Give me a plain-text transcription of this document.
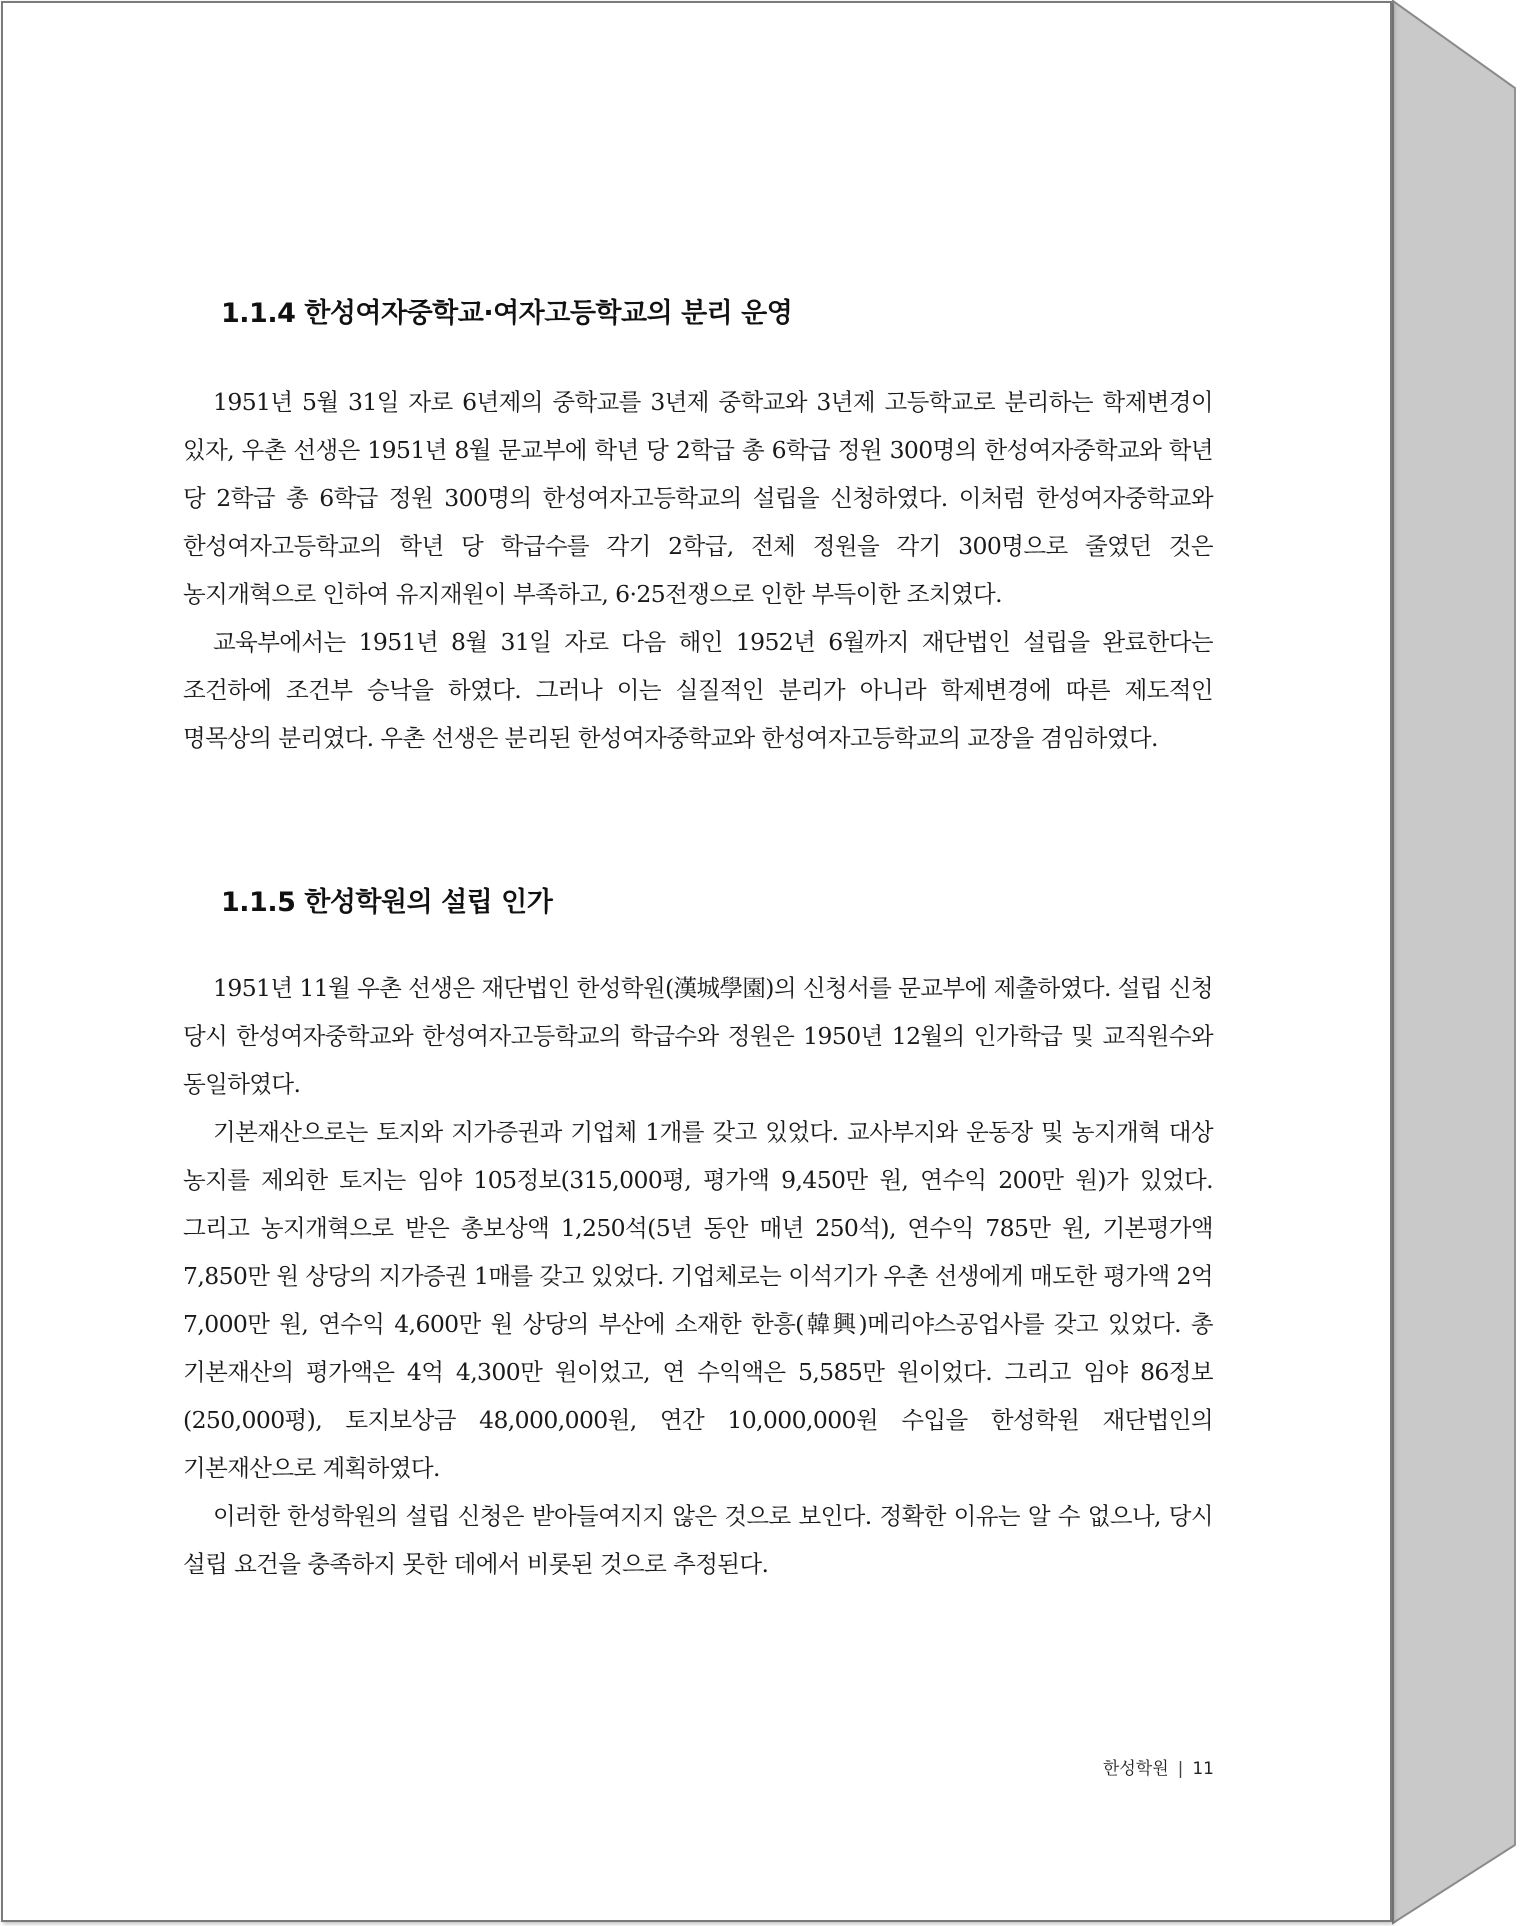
1.1.4 한성여자중학교·여자고등학교의 분리 운영

1951년 5월 31일 자로 6년제의 중학교를 3년제 중학교와 3년제 고등학교로 분리하는 학제변경이 있자, 우촌 선생은 1951년 8월 문교부에 학년 당 2학급 총 6학급 정원 300명의 한성여자중학교와 학년 당 2학급 총 6학급 정원 300명의 한성여자고등학교의 설립을 신청하였다. 이처럼 한성여자중학교와 한성여자고등학교의 학년 당 학급수를 각기 2학급, 전체 정원을 각기 300명으로 줄였던 것은 농지개혁으로 인하여 유지재원이 부족하고, 6·25전쟁으로 인한 부득이한 조치였다.

교육부에서는 1951년 8월 31일 자로 다음 해인 1952년 6월까지 재단법인 설립을 완료한다는 조건하에 조건부 승낙을 하였다. 그러나 이는 실질적인 분리가 아니라 학제변경에 따른 제도적인 명목상의 분리였다. 우촌 선생은 분리된 한성여자중학교와 한성여자고등학교의 교장을 겸임하였다.

1.1.5 한성학원의 설립 인가

1951년 11월 우촌 선생은 재단법인 한성학원(漢城學園)의 신청서를 문교부에 제출하였다. 설립 신청 당시 한성여자중학교와 한성여자고등학교의 학급수와 정원은 1950년 12월의 인가학급 및 교직원수와 동일하였다.

기본재산으로는 토지와 지가증권과 기업체 1개를 갖고 있었다. 교사부지와 운동장 및 농지개혁 대상 농지를 제외한 토지는 임야 105정보(315,000평, 평가액 9,450만 원, 연수익 200만 원)가 있었다. 그리고 농지개혁으로 받은 총보상액 1,250석(5년 동안 매년 250석), 연수익 785만 원, 기본평가액 7,850만 원 상당의 지가증권 1매를 갖고 있었다. 기업체로는 이석기가 우촌 선생에게 매도한 평가액 2억 7,000만 원, 연수익 4,600만 원 상당의 부산에 소재한 한흥(韓興)메리야스공업사를 갖고 있었다. 총 기본재산의 평가액은 4억 4,300만 원이었고, 연 수익액은 5,585만 원이었다. 그리고 임야 86정보(250,000평), 토지보상금 48,000,000원, 연간 10,000,000원 수입을 한성학원 재단법인의 기본재산으로 계획하였다.

이러한 한성학원의 설립 신청은 받아들여지지 않은 것으로 보인다. 정확한 이유는 알 수 없으나, 당시 설립 요건을 충족하지 못한 데에서 비롯된 것으로 추정된다.

한성학원 | 11
